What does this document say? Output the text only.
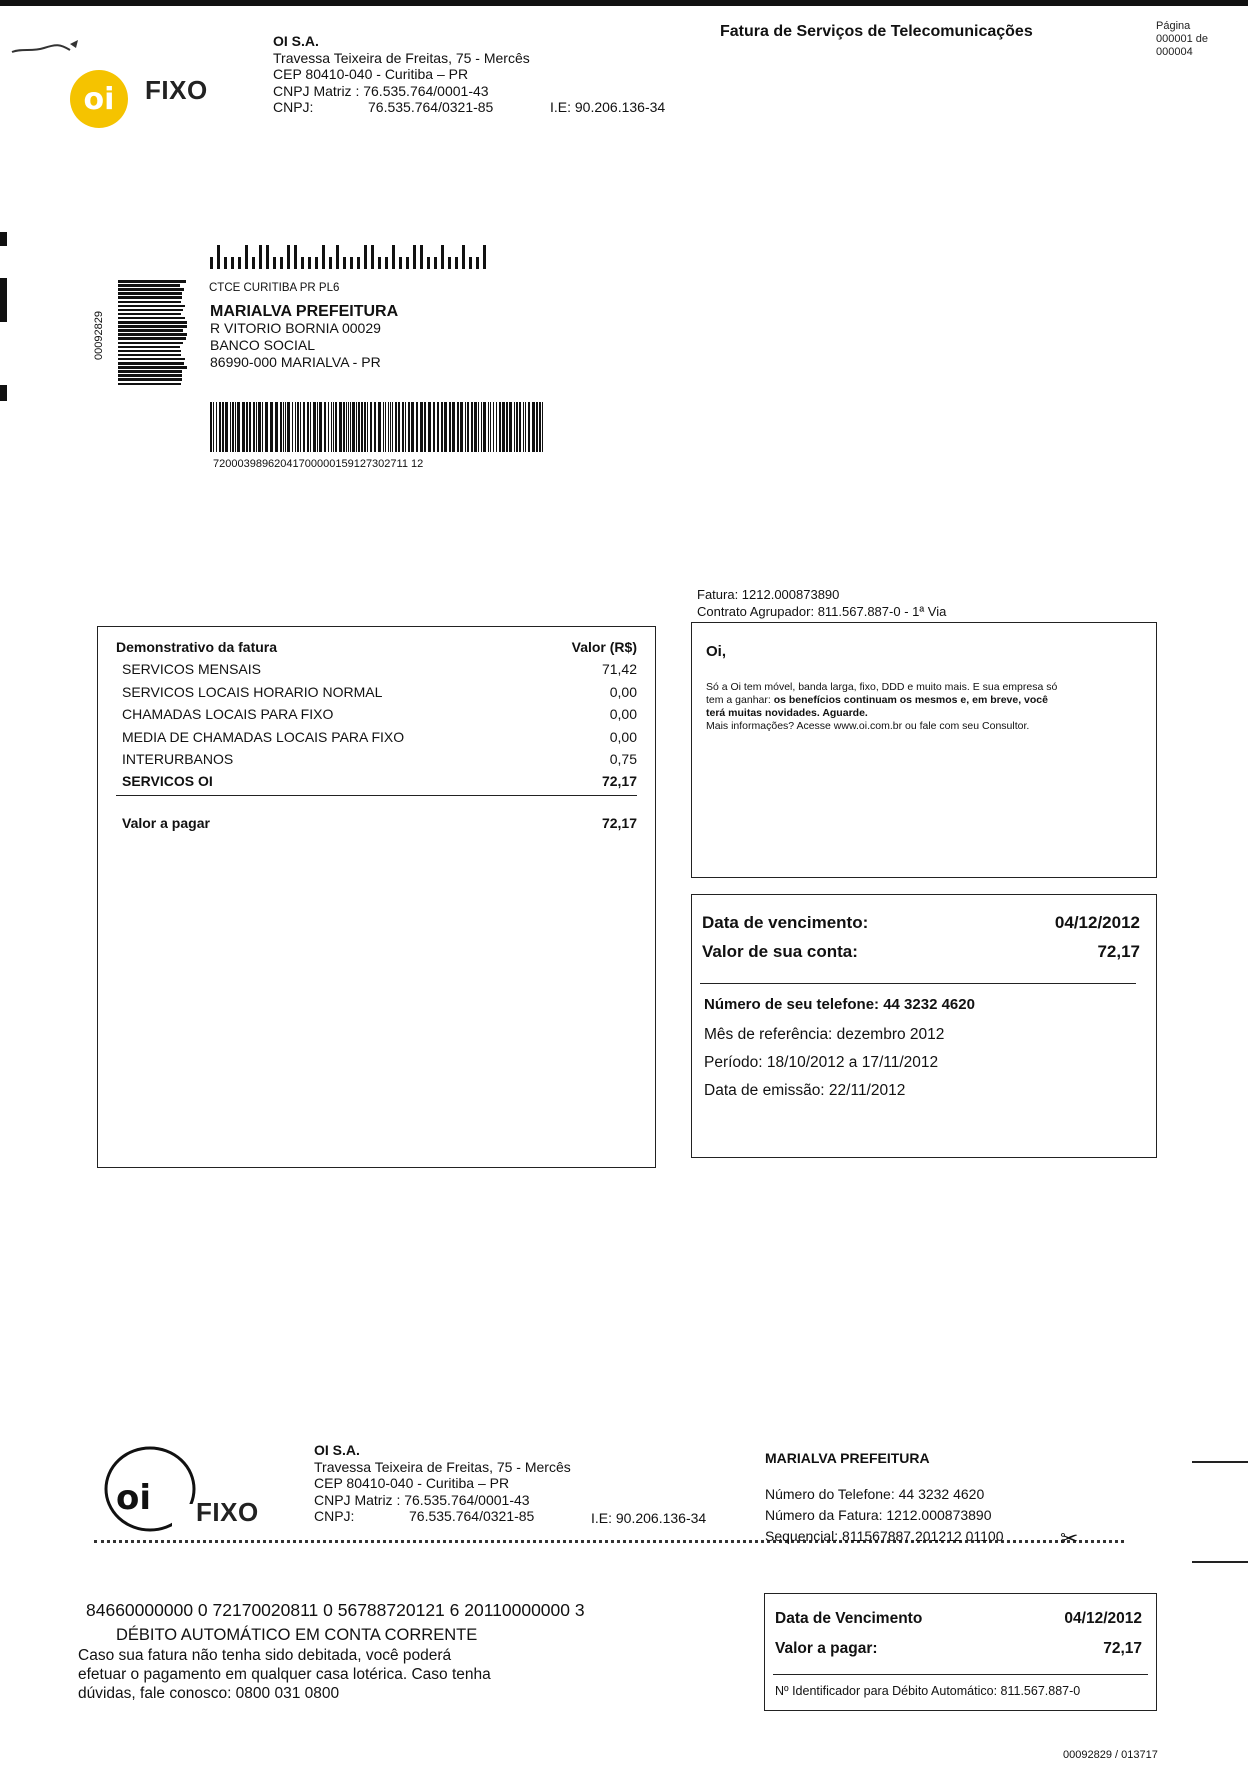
oi FIXO
OI S.A.
Travessa Teixeira de Freitas, 75 - Mercês
CEP 80410-040 - Curitiba – PR
CNPJ Matriz : 76.535.764/0001-43
CNPJ:	76.535.764/0321-85	I.E: 90.206.136-34
Fatura de Serviços de Telecomunicações	Página
000001 de
000004
00092829
CTCE CURITIBA PR PL6
MARIALVA PREFEITURA
R VITORIO BORNIA 00029
BANCO SOCIAL
86990-000 MARIALVA - PR
72000398962041700000159127302711 12
Fatura: 1212.000873890
Contrato Agrupador: 811.567.887-0 - 1ª Via
Demonstrativo da fatura	Valor (R$)
SERVICOS MENSAIS	71,42
SERVICOS LOCAIS HORARIO NORMAL	0,00
CHAMADAS LOCAIS PARA FIXO	0,00
MEDIA DE CHAMADAS LOCAIS PARA FIXO	0,00
INTERURBANOS	0,75
SERVICOS OI	72,17
Valor a pagar	72,17
Oi,
Só a Oi tem móvel, banda larga, fixo, DDD e muito mais. E sua empresa só
tem a ganhar: os benefícios continuam os mesmos e, em breve, você
terá muitas novidades. Aguarde.
Mais informações? Acesse www.oi.com.br ou fale com seu Consultor.
Data de vencimento:	04/12/2012
Valor de sua conta:	72,17
Número de seu telefone: 44 3232 4620
Mês de referência: dezembro 2012
Período: 18/10/2012 a 17/11/2012
Data de emissão: 22/11/2012
✂
oi FIXO
OI S.A.
Travessa Teixeira de Freitas, 75 - Mercês
CEP 80410-040 - Curitiba – PR
CNPJ Matriz : 76.535.764/0001-43
CNPJ:	76.535.764/0321-85	I.E: 90.206.136-34
MARIALVA PREFEITURA
Número do Telefone: 44 3232 4620
Número da Fatura: 1212.000873890
Sequencial: 811567887 201212 01100
84660000000 0 72170020811 0 56788720121 6 20110000000 3
DÉBITO AUTOMÁTICO EM CONTA CORRENTE
Caso sua fatura não tenha sido debitada, você poderá
efetuar o pagamento em qualquer casa lotérica. Caso tenha
dúvidas, fale conosco: 0800 031 0800
Data de Vencimento	04/12/2012
Valor a pagar:	72,17
Nº Identificador para Débito Automático: 811.567.887-0
00092829 / 013717
